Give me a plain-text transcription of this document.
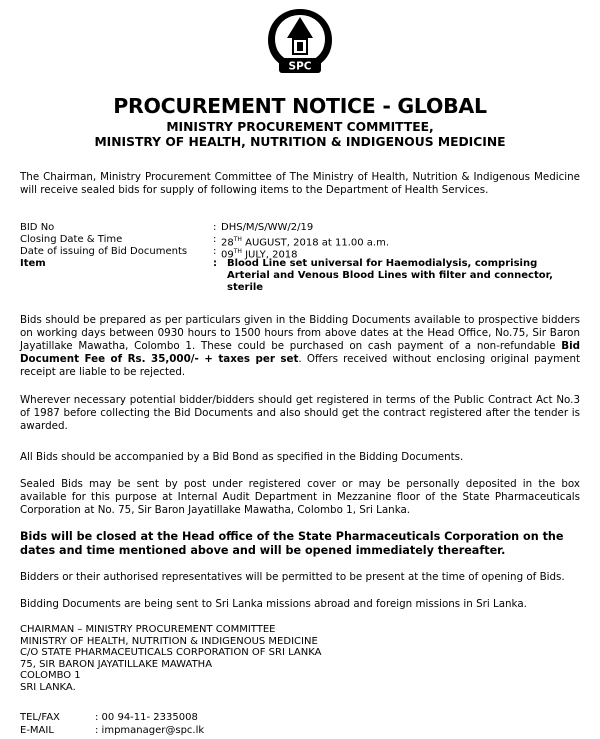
SPC
PROCUREMENT NOTICE - GLOBAL
MINISTRY PROCUREMENT COMMITTEE,
MINISTRY OF HEALTH, NUTRITION & INDIGENOUS MEDICINE
The Chairman, Ministry Procurement Committee of The Ministry of Health, Nutrition & Indigenous Medicine will receive sealed bids for supply of following items to the Department of Health Services.
BID No	: DHS/M/S/WW/2/19
Closing Date & Time	: 28TH AUGUST, 2018 at 11.00 a.m.
Date of issuing of Bid Documents	: 09TH JULY, 2018
Item	: Blood Line set universal for Haemodialysis, comprising Arterial and Venous Blood Lines with filter and connector, sterile
Bids should be prepared as per particulars given in the Bidding Documents available to prospective bidders on working days between 0930 hours to 1500 hours from above dates at the Head Office, No.75, Sir Baron Jayatillake Mawatha, Colombo 1. These could be purchased on cash payment of a non-refundable Bid Document Fee of Rs. 35,000/- + taxes per set. Offers received without enclosing original payment receipt are liable to be rejected.
Wherever necessary potential bidder/bidders should get registered in terms of the Public Contract Act No.3 of 1987 before collecting the Bid Documents and also should get the contract registered after the tender is awarded.
All Bids should be accompanied by a Bid Bond as specified in the Bidding Documents.
Sealed Bids may be sent by post under registered cover or may be personally deposited in the box available for this purpose at Internal Audit Department in Mezzanine floor of the State Pharmaceuticals Corporation at No. 75, Sir Baron Jayatillake Mawatha, Colombo 1, Sri Lanka.
Bids will be closed at the Head office of the State Pharmaceuticals Corporation on the dates and time mentioned above and will be opened immediately thereafter.
Bidders or their authorised representatives will be permitted to be present at the time of opening of Bids.
Bidding Documents are being sent to Sri Lanka missions abroad and foreign missions in Sri Lanka.
CHAIRMAN – MINISTRY PROCUREMENT COMMITTEE
MINISTRY OF HEALTH, NUTRITION & INDIGENOUS MEDICINE
C/O STATE PHARMACEUTICALS CORPORATION OF SRI LANKA
75, SIR BARON JAYATILLAKE MAWATHA
COLOMBO 1
SRI LANKA.
TEL/FAX	: 00 94-11- 2335008
E-MAIL	: impmanager@spc.lk
